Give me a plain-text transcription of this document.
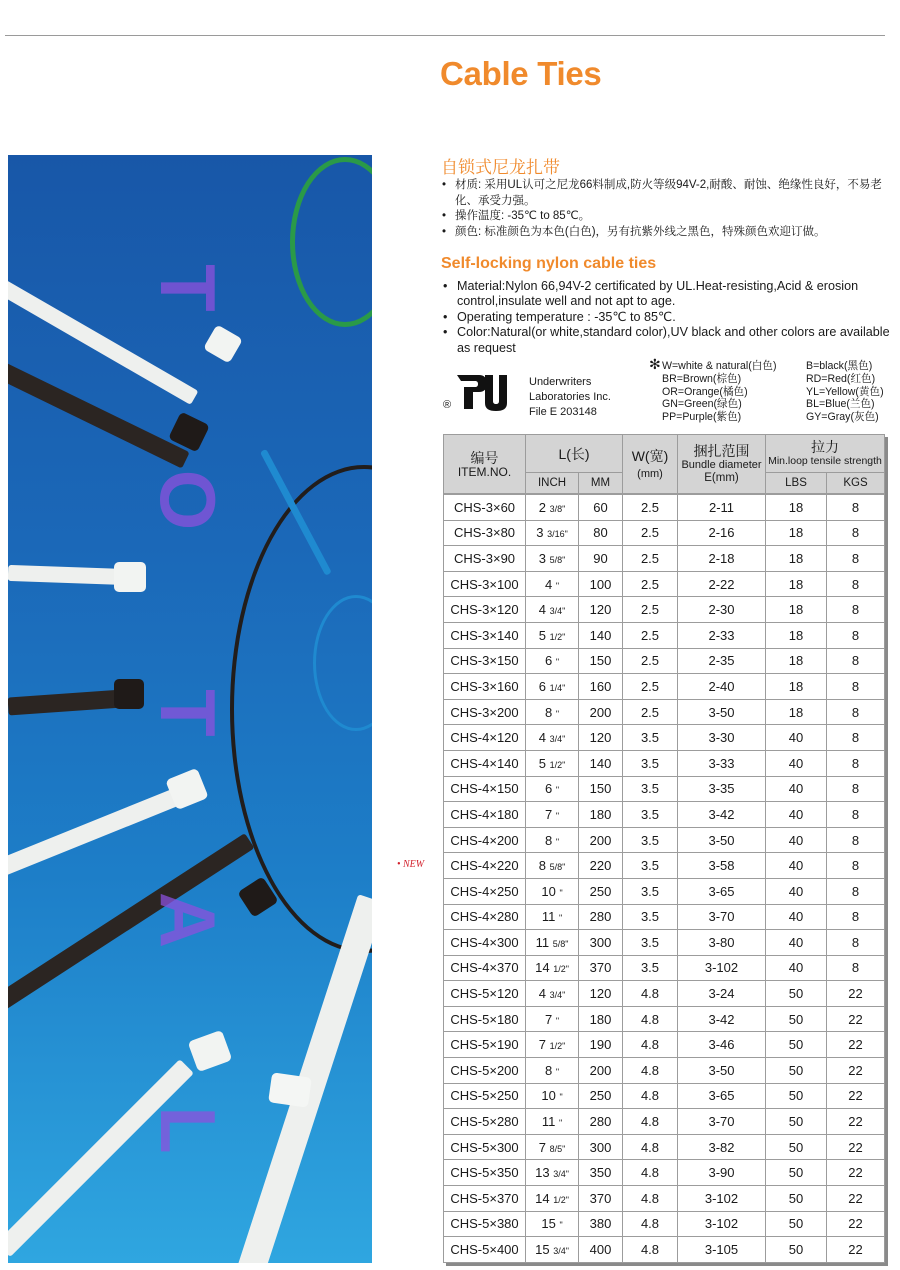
Cable Ties
T
O
T
A
L
自锁式尼龙扎带
• 材质: 采用UL认可之尼龙66料制成,防火等级94V-2,耐酸、耐蚀、绝缘性良好，不易老化、承受力强。
• 操作温度: -35℃ to 85℃。
• 颜色: 标准颜色为本色(白色)，另有抗紫外线之黑色，特殊颜色欢迎订做。
Self-locking nylon cable ties
• Material:Nylon 66,94V-2 certificated by UL.Heat-resisting,Acid & erosion control,insulate well and not apt to age.
• Operating temperature : -35℃ to 85℃.
• Color:Natural(or white,standard color),UV black and other colors are available as request
®
Underwriters
Laboratories Inc.
File E 203148
✻ W=white & natural(白色)
BR=Brown(棕色)
OR=Orange(橘色)
GN=Green(绿色)
PP=Purple(紫色)
B=black(黑色)
RD=Red(红色)
YL=Yellow(黄色)
BL=Blue(兰色)
GY=Gray(灰色)
• NEW
编号
ITEM.NO.	L(长)		W(宽)
(mm)	捆扎范围
Bundle diameter
E(mm)	拉力
Min.loop tensile strength	

	INCH	MM			LBS	KGS
CHS-3×60	2 3/8"	60	2.5	2-11	18	8
CHS-3×80	3 3/16"	80	2.5	2-16	18	8
CHS-3×90	3 5/8"	90	2.5	2-18	18	8
CHS-3×100	4 "	100	2.5	2-22	18	8
CHS-3×120	4 3/4"	120	2.5	2-30	18	8
CHS-3×140	5 1/2"	140	2.5	2-33	18	8
CHS-3×150	6 "	150	2.5	2-35	18	8
CHS-3×160	6 1/4"	160	2.5	2-40	18	8
CHS-3×200	8 "	200	2.5	3-50	18	8
CHS-4×120	4 3/4"	120	3.5	3-30	40	8
CHS-4×140	5 1/2"	140	3.5	3-33	40	8
CHS-4×150	6 "	150	3.5	3-35	40	8
CHS-4×180	7 "	180	3.5	3-42	40	8
CHS-4×200	8 "	200	3.5	3-50	40	8
CHS-4×220	8 5/8"	220	3.5	3-58	40	8
CHS-4×250	10 "	250	3.5	3-65	40	8
CHS-4×280	11 "	280	3.5	3-70	40	8
CHS-4×300	11 5/8"	300	3.5	3-80	40	8
CHS-4×370	14 1/2"	370	3.5	3-102	40	8
CHS-5×120	4 3/4"	120	4.8	3-24	50	22
CHS-5×180	7 "	180	4.8	3-42	50	22
CHS-5×190	7 1/2"	190	4.8	3-46	50	22
CHS-5×200	8 "	200	4.8	3-50	50	22
CHS-5×250	10 "	250	4.8	3-65	50	22
CHS-5×280	11 "	280	4.8	3-70	50	22
CHS-5×300	7 8/5"	300	4.8	3-82	50	22
CHS-5×350	13 3/4"	350	4.8	3-90	50	22
CHS-5×370	14 1/2"	370	4.8	3-102	50	22
CHS-5×380	15 "	380	4.8	3-102	50	22
CHS-5×400	15 3/4"	400	4.8	3-105	50	22
